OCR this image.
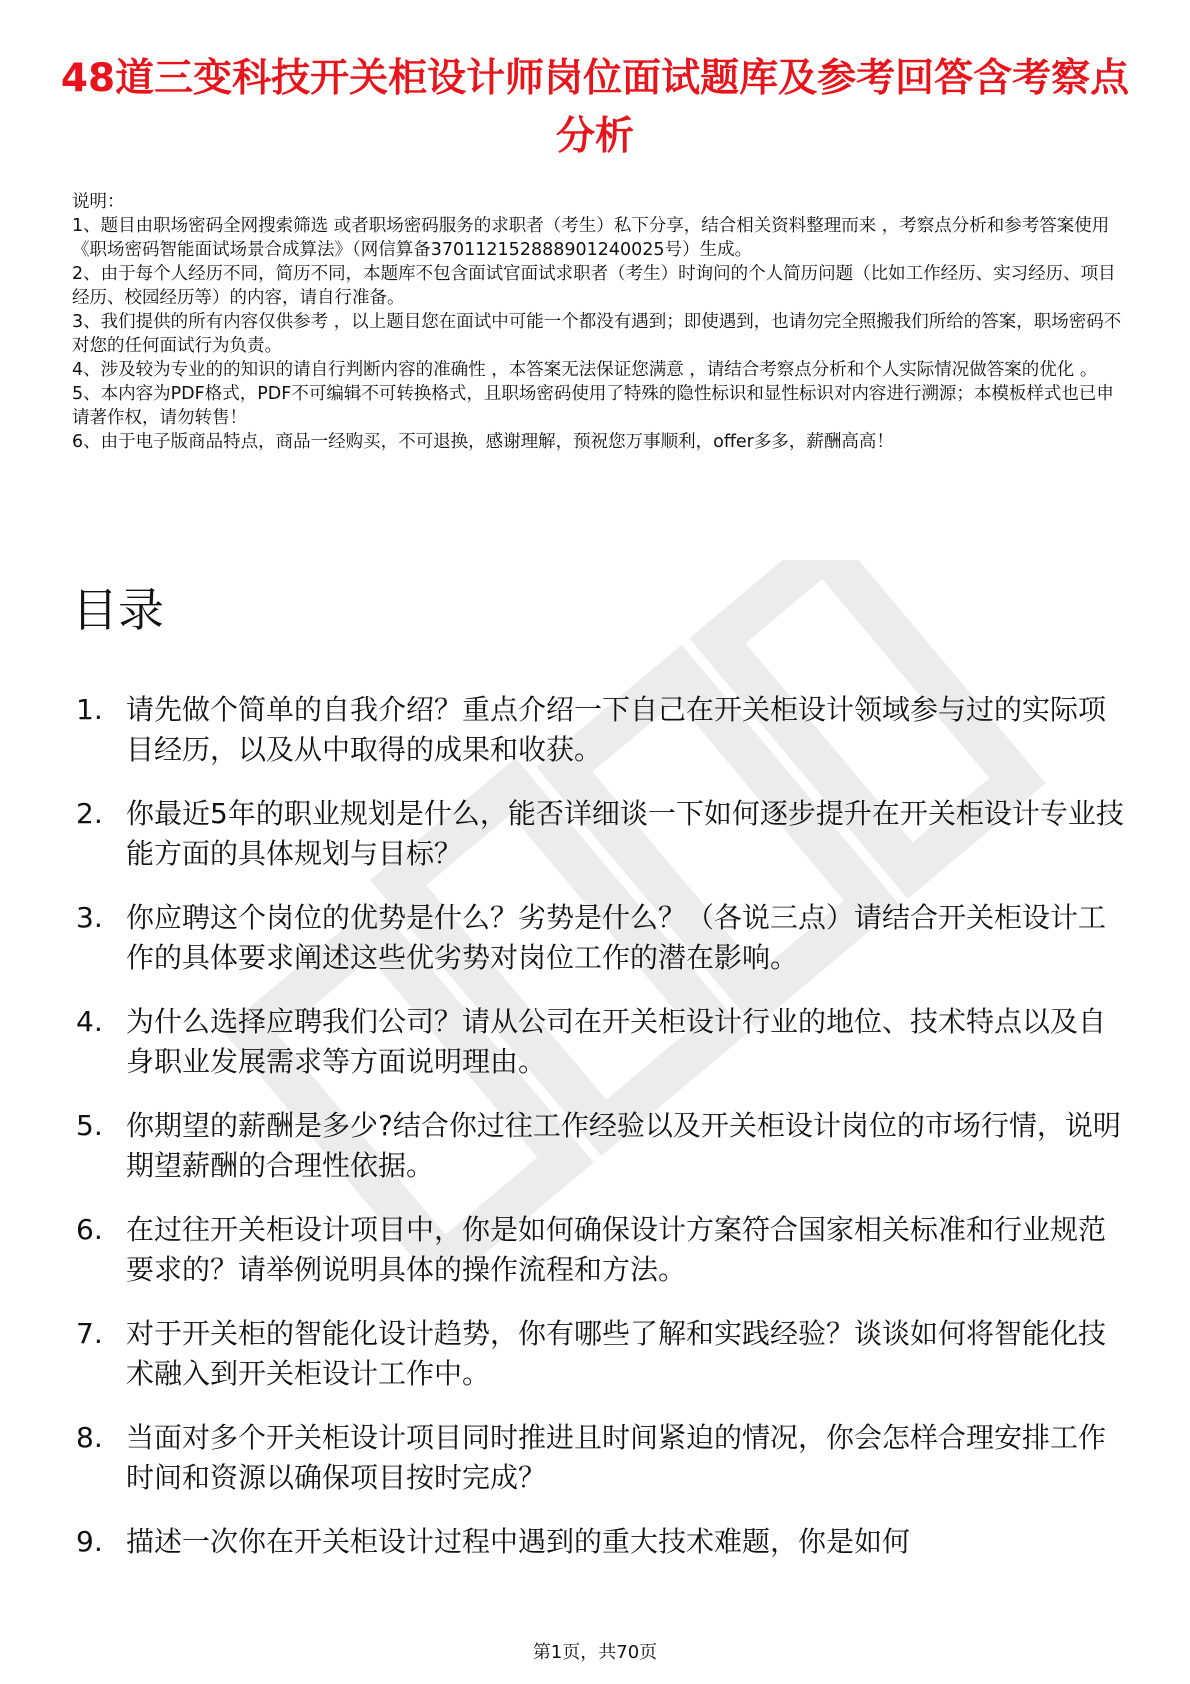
48道三变科技开关柜设计师岗位面试题库及参考回答含考察点分析

说明：

1、题目由职场密码全网搜索筛选 或者职场密码服务的求职者（考生）私下分享，结合相关资料整理而来 ，考察点分析和参考答案使用《职场密码智能面试场景合成算法》（网信算备370112152888901240025号）生成。

2、由于每个人经历不同，简历不同，本题库不包含面试官面试求职者（考生）时询问的个人简历问题（比如工作经历、实习经历、项目经历、校园经历等）的内容，请自行准备。

3、我们提供的所有内容仅供参考 ，以上题目您在面试中可能一个都没有遇到；即使遇到，也请勿完全照搬我们所给的答案，职场密码不对您的任何面试行为负责。

4、涉及较为专业的的知识的请自行判断内容的准确性 ，本答案无法保证您满意 ，请结合考察点分析和个人实际情况做答案的优化 。

5、本内容为PDF格式，PDF不可编辑不可转换格式，且职场密码使用了特殊的隐性标识和显性标识对内容进行溯源；本模板样式也已申请著作权，请勿转售！

6、由于电子版商品特点，商品一经购买，不可退换，感谢理解，预祝您万事顺利，offer多多，薪酬高高！

目录
1. 请先做个简单的自我介绍？重点介绍一下自己在开关柜设计领域参与过的实际项目经历，以及从中取得的成果和收获。
2. 你最近5年的职业规划是什么，能否详细谈一下如何逐步提升在开关柜设计专业技能方面的具体规划与目标？
3. 你应聘这个岗位的优势是什么？劣势是什么？（各说三点）请结合开关柜设计工作的具体要求阐述这些优劣势对岗位工作的潜在影响。
4. 为什么选择应聘我们公司？请从公司在开关柜设计行业的地位、技术特点以及自身职业发展需求等方面说明理由。
5. 你期望的薪酬是多少?结合你过往工作经验以及开关柜设计岗位的市场行情，说明期望薪酬的合理性依据。
6. 在过往开关柜设计项目中，你是如何确保设计方案符合国家相关标准和行业规范要求的？请举例说明具体的操作流程和方法。
7. 对于开关柜的智能化设计趋势，你有哪些了解和实践经验？谈谈如何将智能化技术融入到开关柜设计工作中。
8. 当面对多个开关柜设计项目同时推进且时间紧迫的情况，你会怎样合理安排工作时间和资源以确保项目按时完成？
9. 描述一次你在开关柜设计过程中遇到的重大技术难题，你是如何
第1页，共70页
